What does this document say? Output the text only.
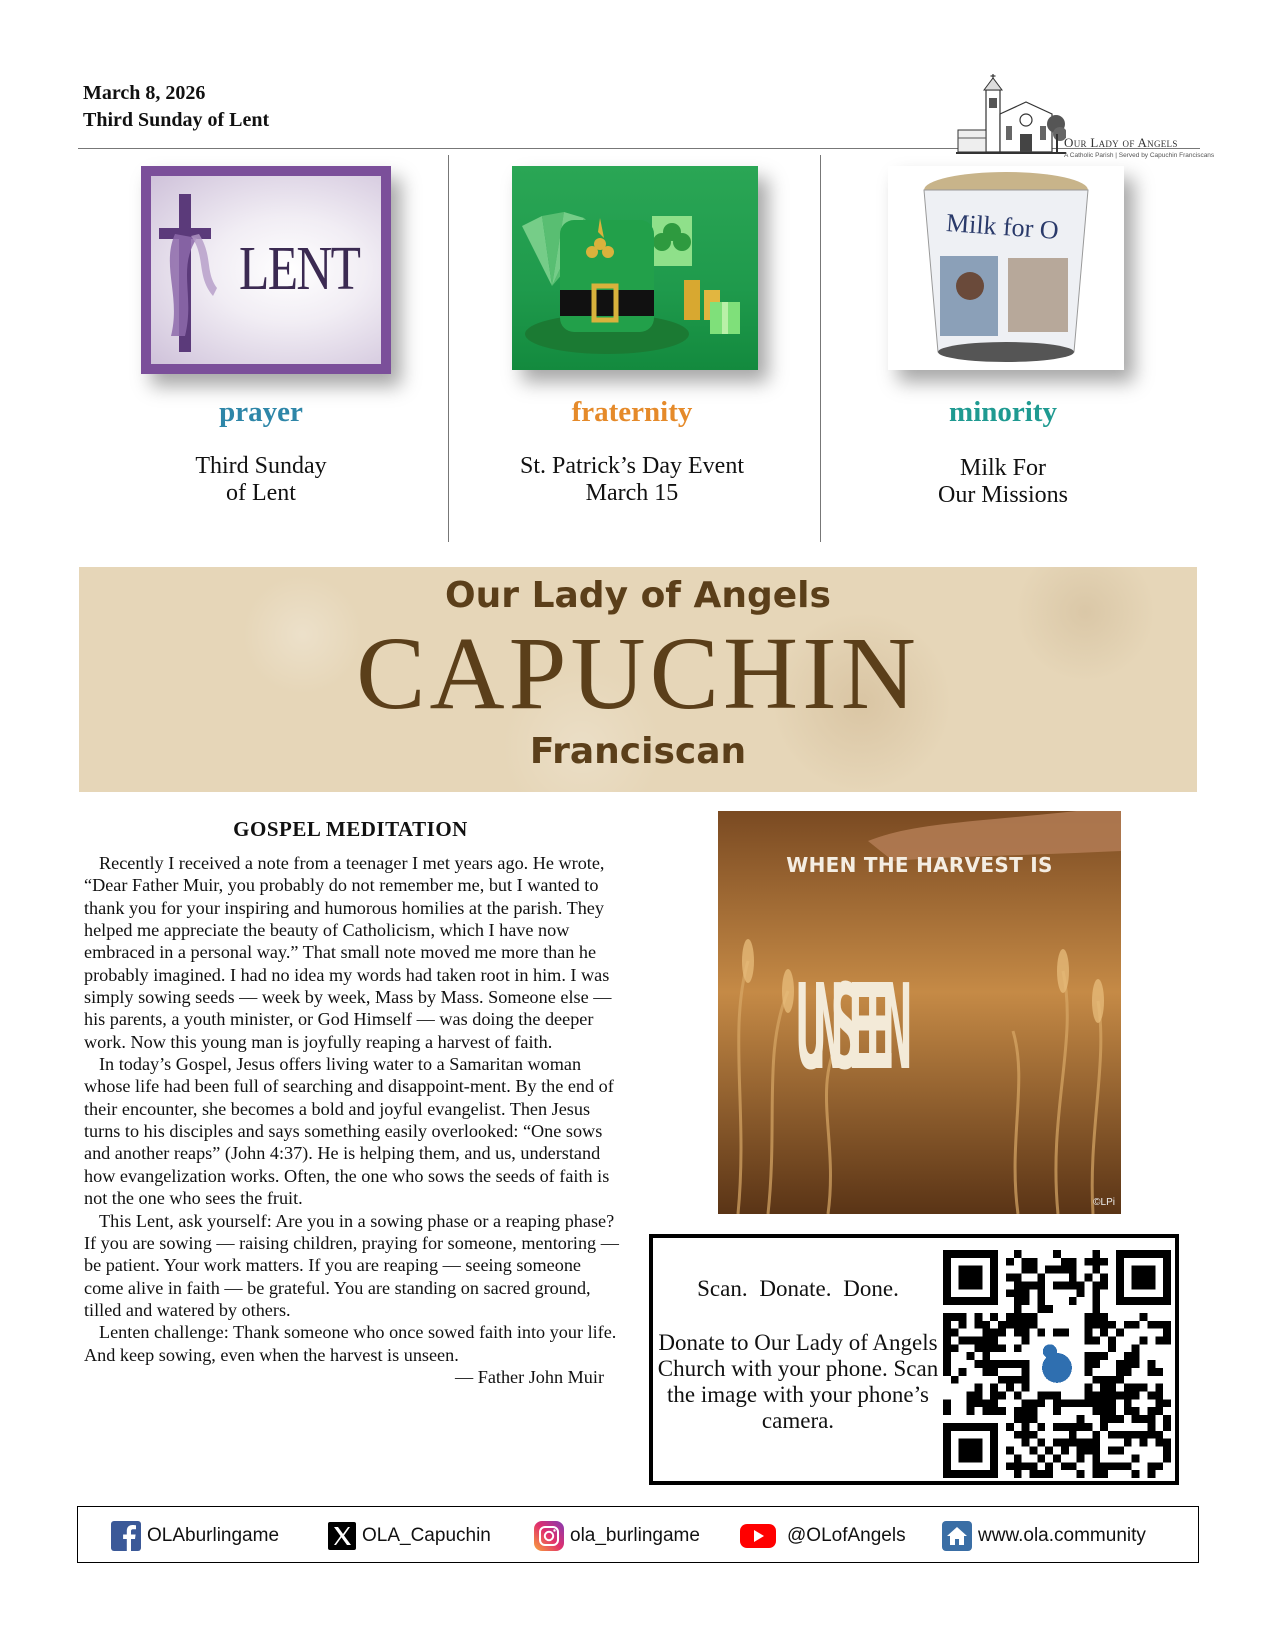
March 8, 2026
Third Sunday of Lent
Our Lady of Angels
A Catholic Parish | Served by Capuchin Franciscans
LENT
prayer
Third Sunday
of Lent
fraternity
St. Patrick’s Day Event
March 15
Milk for O
minority
Milk For
Our Missions
Our Lady of Angels
CAPUCHIN
Franciscan
GOSPEL MEDITATION

Recently I received a note from a teenager I met years ago. He wrote, “Dear Father Muir, you probably do not remember me, but I wanted to thank you for your inspiring and humorous homilies at the parish. They helped me appreciate the beauty of Catholicism, which I have now embraced in a personal way.” That small note moved me more than he probably imagined. I had no idea my words had taken root in him. I was simply sowing seeds — week by week, Mass by Mass. Someone else — his parents, a youth minister, or God Himself — was doing the deeper work. Now this young man is joyfully reaping a harvest of faith.

In today’s Gospel, Jesus offers living water to a Samaritan woman whose life had been full of searching and disappoint-ment. By the end of their encounter, she becomes a bold and joyful evangelist. Then Jesus turns to his disciples and says something easily overlooked: “One sows and another reaps” (John 4:37). He is helping them, and us, understand how evangelization works. Often, the one who sows the seeds of faith is not the one who sees the fruit.

This Lent, ask yourself: Are you in a sowing phase or a reaping phase? If you are sowing — raising children, praying for someone, mentoring — be patient. Your work matters. If you are reaping — seeing someone come alive in faith — be grateful. You are standing on sacred ground, tilled and watered by others.

Lenten challenge: Thank someone who once sowed faith into your life. And keep sowing, even when the harvest is unseen.

— Father John Muir
WHEN THE HARVEST IS
UNSEEN
©LPi
Scan. Donate. Done.
Donate to Our Lady of Angels Church with your phone. Scan the image with your phone’s camera.
OLAburlingame	OLA_Capuchin	ola_burlingame	@OLofAngels	www.ola.community
